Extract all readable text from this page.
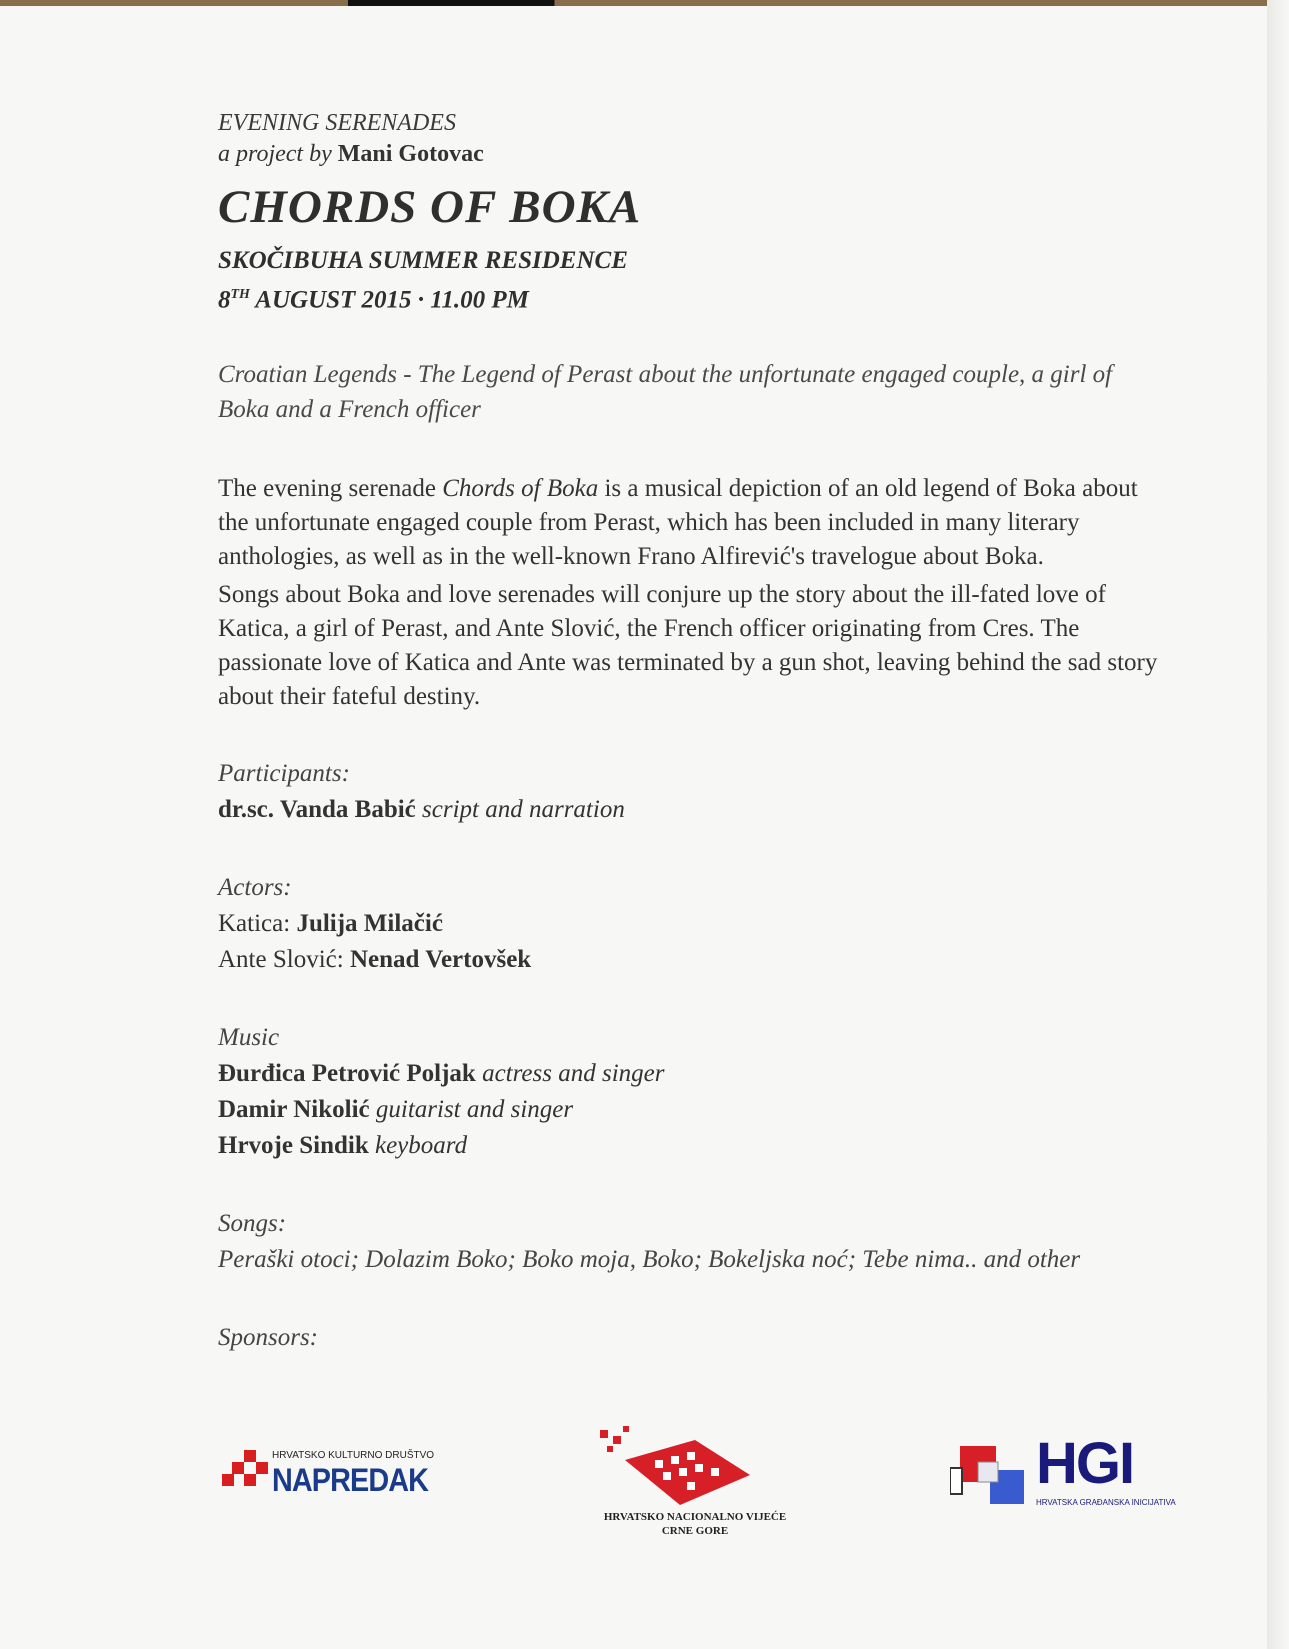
EVENING SERENADES
a project by Mani Gotovac
CHORDS OF BOKA
SKOČIBUHA SUMMER RESIDENCE
8TH AUGUST 2015 · 11.00 PM
Croatian Legends - The Legend of Perast about the unfortunate engaged couple, a girl of Boka and a French officer

The evening serenade Chords of Boka is a musical depiction of an old legend of Boka about the unfortunate engaged couple from Perast, which has been included in many literary anthologies, as well as in the well-known Frano Alfirević's travelogue about Boka.

Songs about Boka and love serenades will conjure up the story about the ill-fated love of Katica, a girl of Perast, and Ante Slović, the French officer originating from Cres. The passionate love of Katica and Ante was terminated by a gun shot, leaving behind the sad story about their fateful destiny.

Participants:
dr.sc. Vanda Babić script and narration
Actors:
Katica: Julija Milačić
Ante Slović: Nenad Vertovšek
Music
Đurđica Petrović Poljak actress and singer
Damir Nikolić guitarist and singer
Hrvoje Sindik keyboard
Songs:
Peraški otoci; Dolazim Boko; Boko moja, Boko; Bokeljska noć; Tebe nima.. and other
Sponsors:
HRVATSKO KULTURNO DRUŠTVO
NAPREDAK
HRVATSKO NACIONALNO VIJEĆE
CRNE GORE
HGI
HRVATSKA GRAĐANSKA INICIJATIVA
